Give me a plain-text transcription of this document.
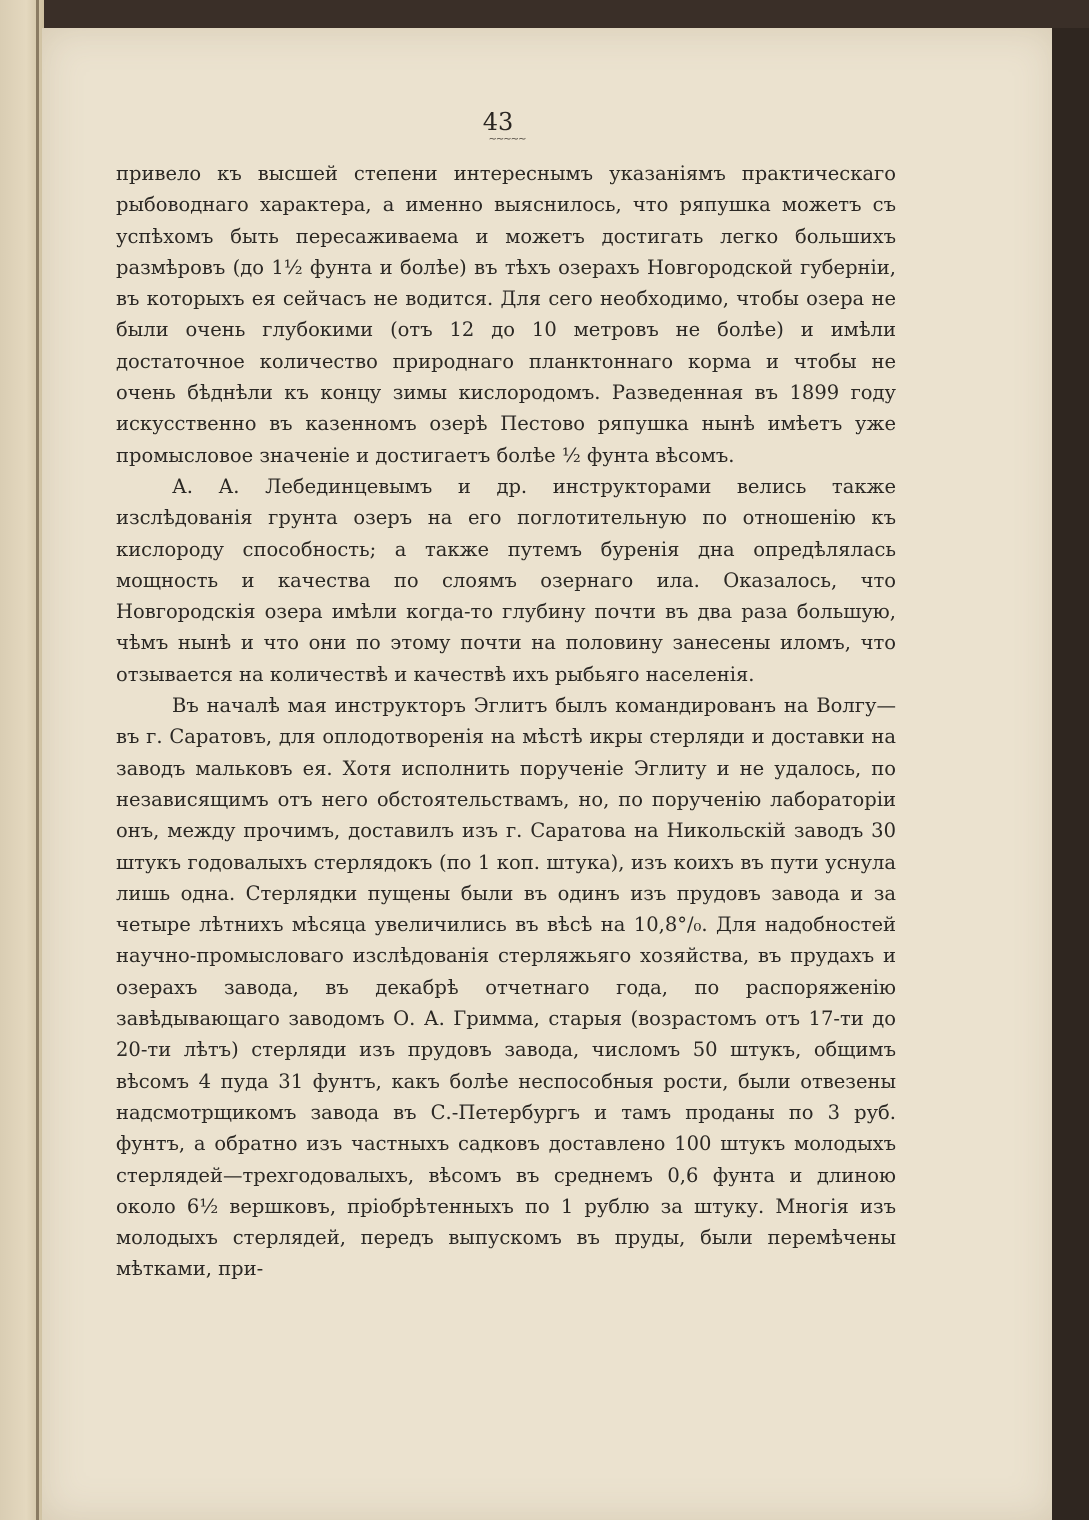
43
~~~~~

привело къ высшей степени интереснымъ указаніямъ практическаго рыбоводнаго характера, а именно выяснилось, что ряпушка можетъ съ успѣхомъ быть пересаживаема и можетъ достигать легко большихъ размѣровъ (до 1½ фунта и болѣе) въ тѣхъ озерахъ Новгородской губерніи, въ которыхъ ея сейчасъ не водится. Для сего необходимо, чтобы озера не были очень глубокими (отъ 12 до 10 метровъ не болѣе) и имѣли достаточное количество природнаго планктоннаго корма и чтобы не очень бѣднѣли къ концу зимы кислородомъ. Разведенная въ 1899 году искусственно въ казенномъ озерѣ Пестово ряпушка нынѣ имѣетъ уже промысловое значеніе и достигаетъ болѣе ½ фунта вѣсомъ.

А. А. Лебединцевымъ и др. инструкторами велись также изслѣдованія грунта озеръ на его поглотительную по отношенію къ кислороду способность; а также путемъ буренія дна опредѣлялась мощность и качества по слоямъ озернаго ила. Оказалось, что Новгородскія озера имѣли когда-то глубину почти въ два раза большую, чѣмъ нынѣ и что они по этому почти на половину занесены иломъ, что отзывается на количествѣ и качествѣ ихъ рыбьяго населенія.

Въ началѣ мая инструкторъ Эглитъ былъ командированъ на Волгу—въ г. Саратовъ, для оплодотворенія на мѣстѣ икры стерляди и доставки на заводъ мальковъ ея. Хотя исполнить порученіе Эглиту и не удалось, по независящимъ отъ него обстоятельствамъ, но, по порученію лабораторіи онъ, между прочимъ, доставилъ изъ г. Саратова на Никольскій заводъ 30 штукъ годовалыхъ стерлядокъ (по 1 коп. штука), изъ коихъ въ пути уснула лишь одна. Стерлядки пущены были въ одинъ изъ прудовъ завода и за четыре лѣтнихъ мѣсяца увеличились въ вѣсѣ на 10,8°/₀. Для надобностей научно-промысловаго изслѣдованія стерляжьяго хозяйства, въ прудахъ и озерахъ завода, въ декабрѣ отчетнаго года, по распоряженію завѣдывающаго заводомъ О. А. Гримма, старыя (возрастомъ отъ 17-ти до 20-ти лѣтъ) стерляди изъ прудовъ завода, числомъ 50 штукъ, общимъ вѣсомъ 4 пуда 31 фунтъ, какъ болѣе неспособныя рости, были отвезены надсмотрщикомъ завода въ С.-Петербургъ и тамъ проданы по 3 руб. фунтъ, а обратно изъ частныхъ садковъ доставлено 100 штукъ молодыхъ стерлядей—трехгодовалыхъ, вѣсомъ въ среднемъ 0,6 фунта и длиною около 6½ вершковъ, пріобрѣтенныхъ по 1 рублю за штуку. Многія изъ молодыхъ стерлядей, передъ выпускомъ въ пруды, были перемѣчены мѣтками, при-
